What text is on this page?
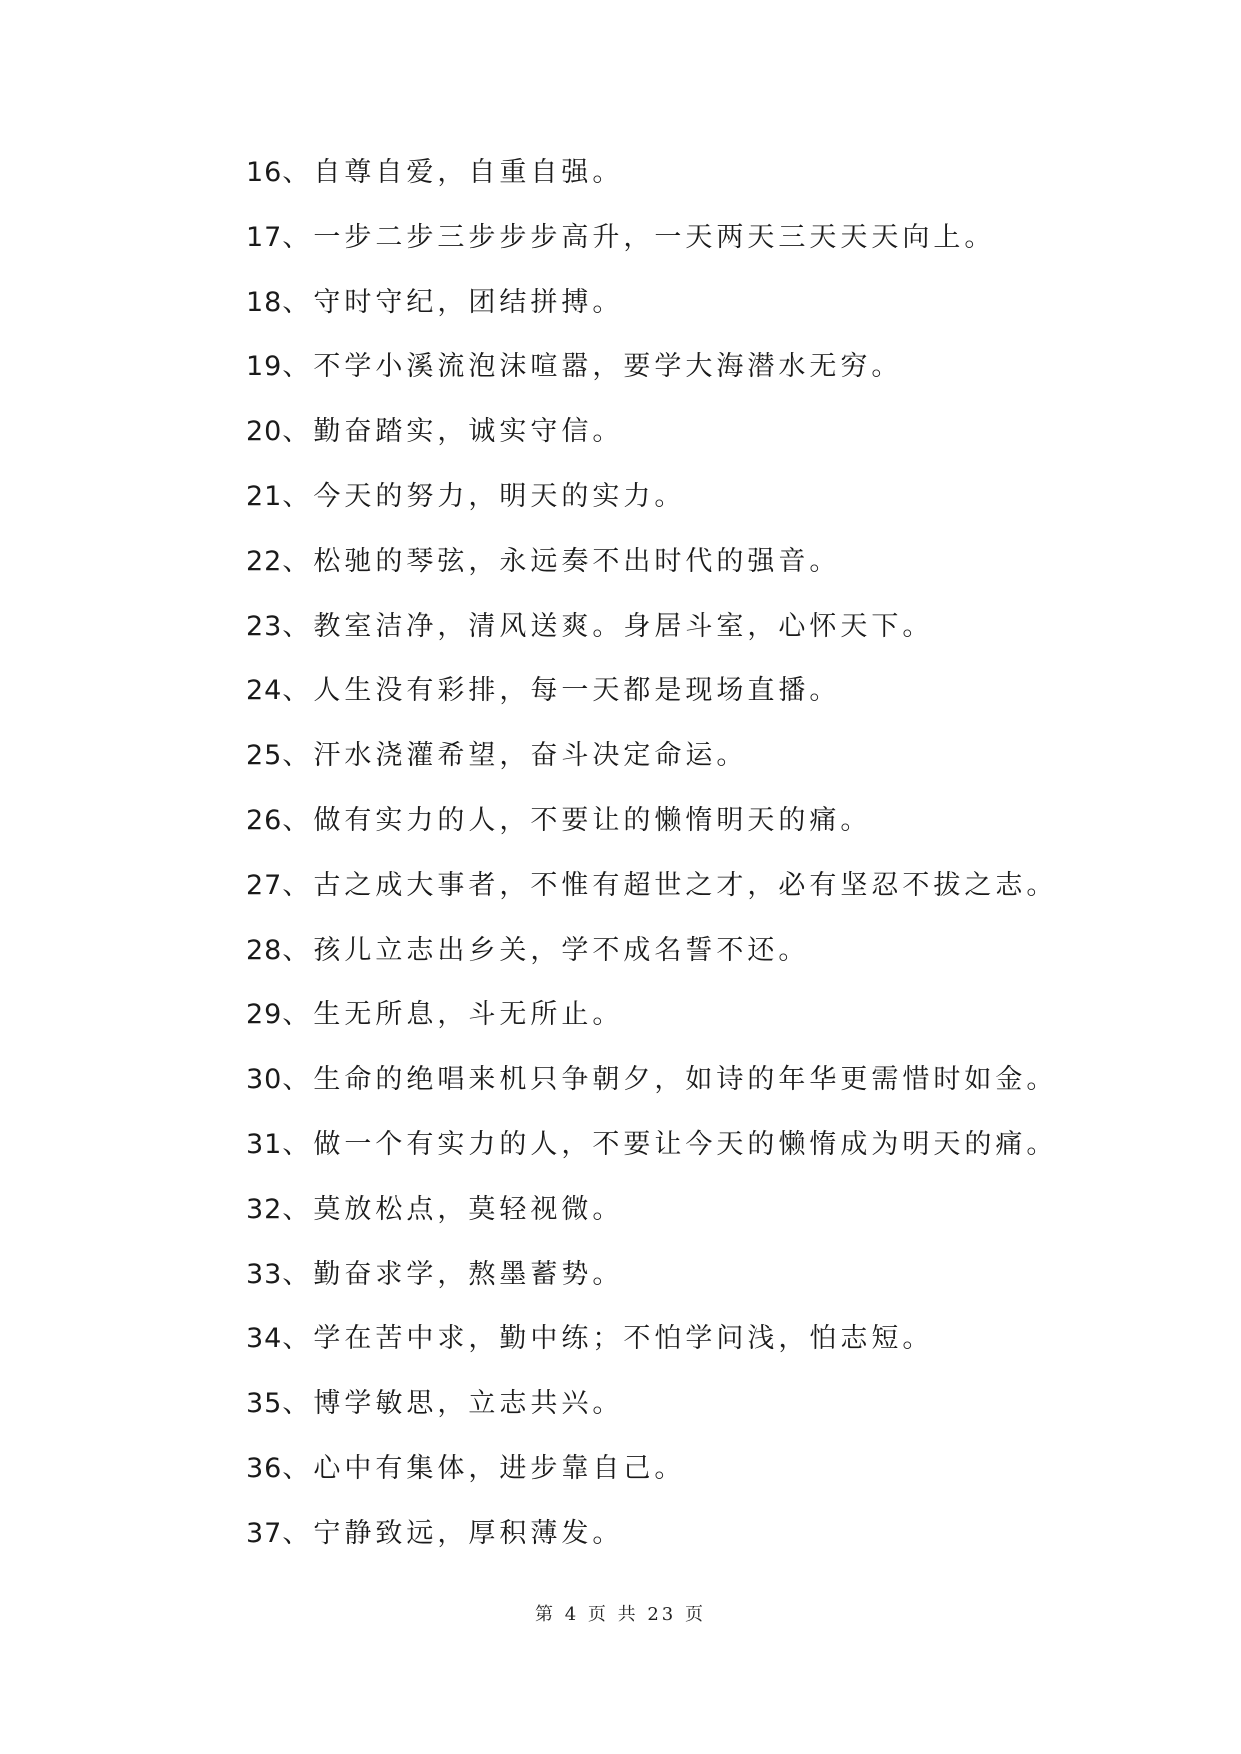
16、自尊自爱，自重自强。
17、一步二步三步步步高升，一天两天三天天天向上。
18、守时守纪，团结拼搏。
19、不学小溪流泡沫喧嚣，要学大海潜水无穷。
20、勤奋踏实，诚实守信。
21、今天的努力，明天的实力。
22、松驰的琴弦，永远奏不出时代的强音。
23、教室洁净，清风送爽。身居斗室，心怀天下。
24、人生没有彩排，每一天都是现场直播。
25、汗水浇灌希望，奋斗决定命运。
26、做有实力的人，不要让的懒惰明天的痛。
27、古之成大事者，不惟有超世之才，必有坚忍不拔之志。
28、孩儿立志出乡关，学不成名誓不还。
29、生无所息，斗无所止。
30、生命的绝唱来机只争朝夕，如诗的年华更需惜时如金。
31、做一个有实力的人，不要让今天的懒惰成为明天的痛。
32、莫放松点，莫轻视微。
33、勤奋求学，熬墨蓄势。
34、学在苦中求，勤中练；不怕学问浅，怕志短。
35、博学敏思，立志共兴。
36、心中有集体，进步靠自己。
37、宁静致远，厚积薄发。
第 4 页 共 23 页
